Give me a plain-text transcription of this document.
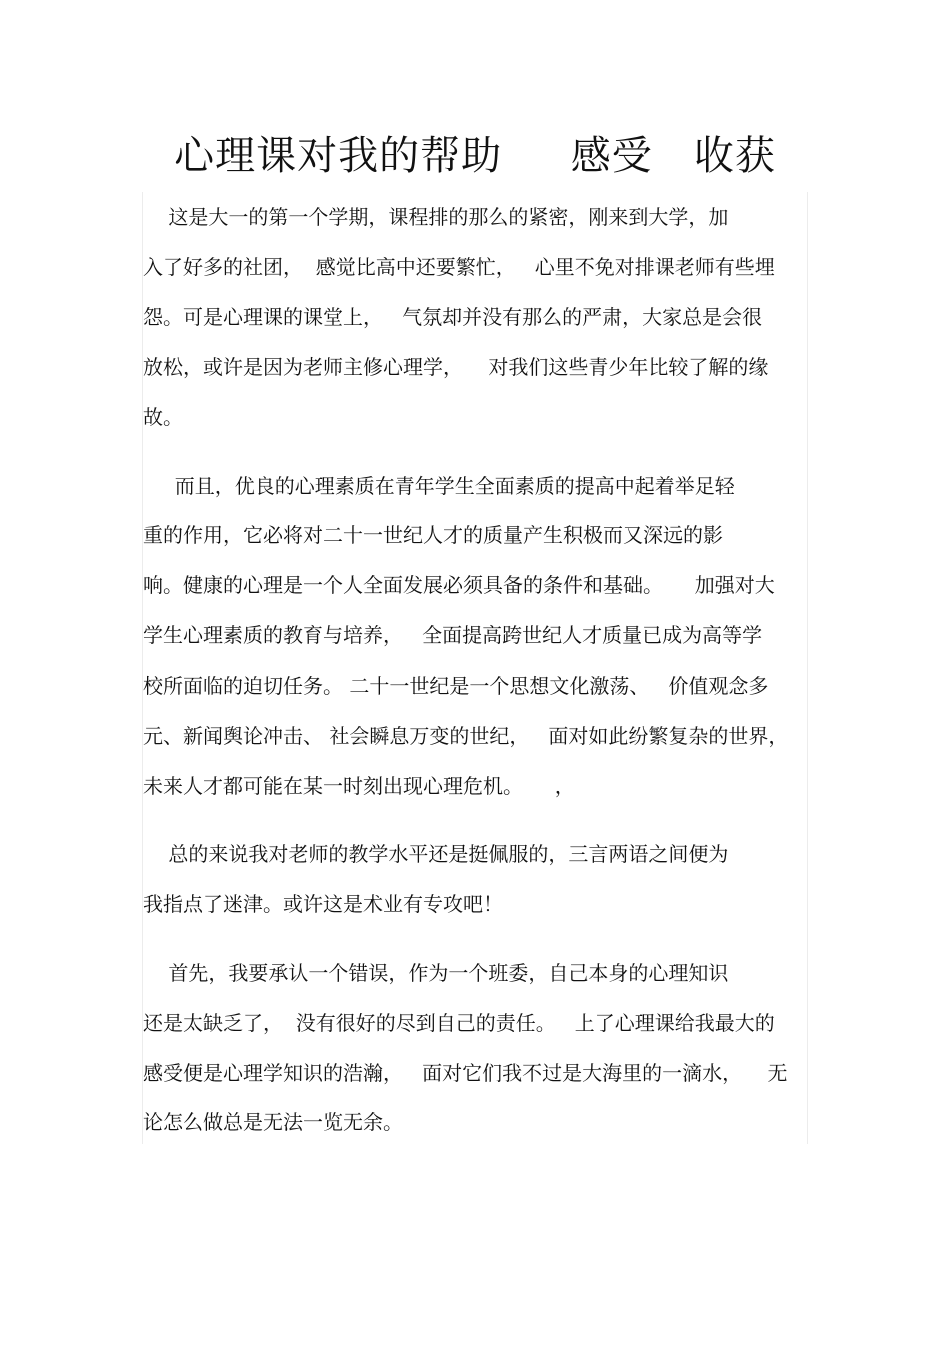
心理课对我的帮助     感受   收获
这是大一的第一个学期，课程排的那么的紧密，刚来到大学，加
入了好多的社团，  感觉比高中还要繁忙，   心里不免对排课老师有些埋
怨。可是心理课的课堂上，   气氛却并没有那么的严肃，大家总是会很
放松，或许是因为老师主修心理学，    对我们这些青少年比较了解的缘
故。
而且，优良的心理素质在青年学生全面素质的提高中起着举足轻
重的作用，它必将对二十一世纪人才的质量产生积极而又深远的影
响。健康的心理是一个人全面发展必须具备的条件和基础。     加强对大
学生心理素质的教育与培养，   全面提高跨世纪人才质量已成为高等学
校所面临的迫切任务。 二十一世纪是一个思想文化激荡、   价值观念多
元、新闻舆论冲击、 社会瞬息万变的世纪，   面对如此纷繁复杂的世界，
未来人才都可能在某一时刻出现心理危机。     ，
总的来说我对老师的教学水平还是挺佩服的，三言两语之间便为
我指点了迷津。或许这是术业有专攻吧！
首先，我要承认一个错误，作为一个班委，自己本身的心理知识
还是太缺乏了，  没有很好的尽到自己的责任。   上了心理课给我最大的
感受便是心理学知识的浩瀚，   面对它们我不过是大海里的一滴水，    无
论怎么做总是无法一览无余。
